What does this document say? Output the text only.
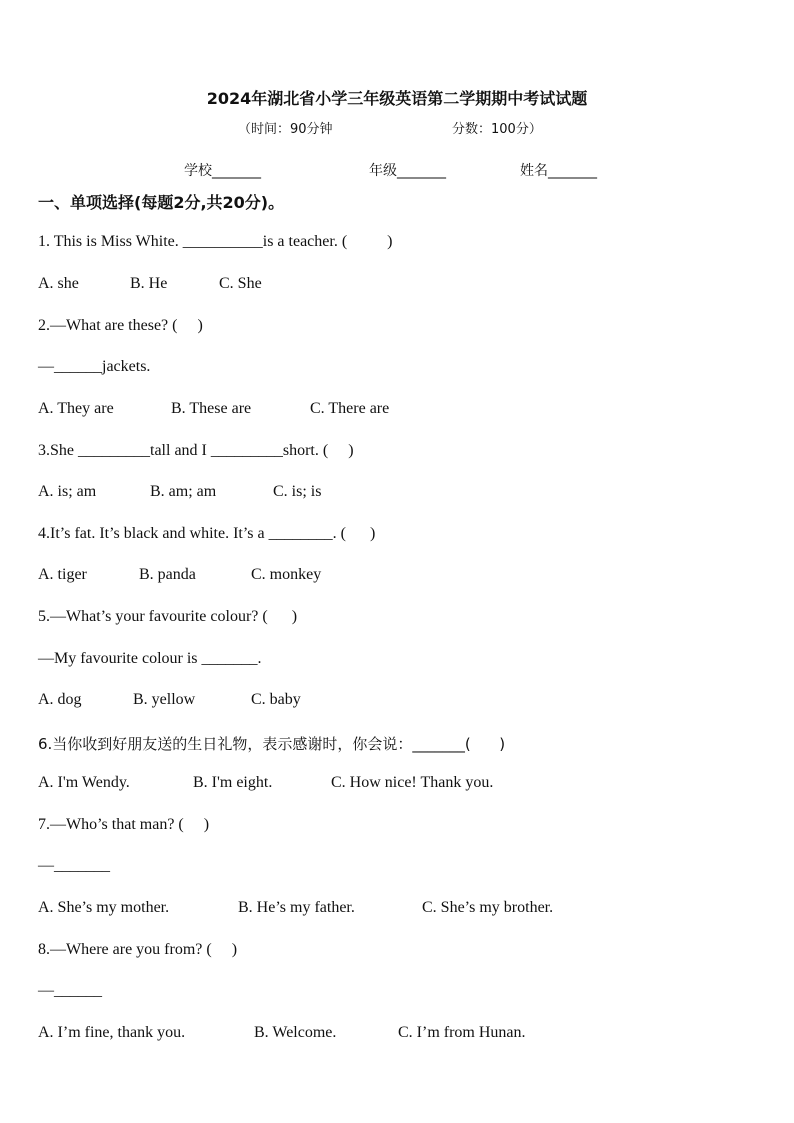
2024年湖北省小学三年级英语第二学期期中考试试题
（时间：90分钟	分数：100分）
学校_______	年级_______	姓名_______
一、单项选择(每题2分,共20分)。
1. This is Miss White. __________is a teacher. (          )
A. she	B. He	C. She
2.—What are these? (     )
—______jackets.
A. They are	B. These are	C. There are
3.She _________tall and I _________short. (     )
A. is; am	B. am; am	C. is; is
4.It’s fat. It’s black and white. It’s a ________. (      )
A. tiger	B. panda	C. monkey
5.—What’s your favourite colour? (      )
—My favourite colour is _______.
A. dog	B. yellow	C. baby
6.当你收到好朋友送的生日礼物，表示感谢时，你会说：_______(      )
A. I'm Wendy.	B. I'm eight.	C. How nice! Thank you.
7.—Who’s that man? (     )
—_______
A. She’s my mother.	B. He’s my father.	C. She’s my brother.
8.—Where are you from? (     )
—______
A. I’m fine, thank you.	B. Welcome.	C. I’m from Hunan.
